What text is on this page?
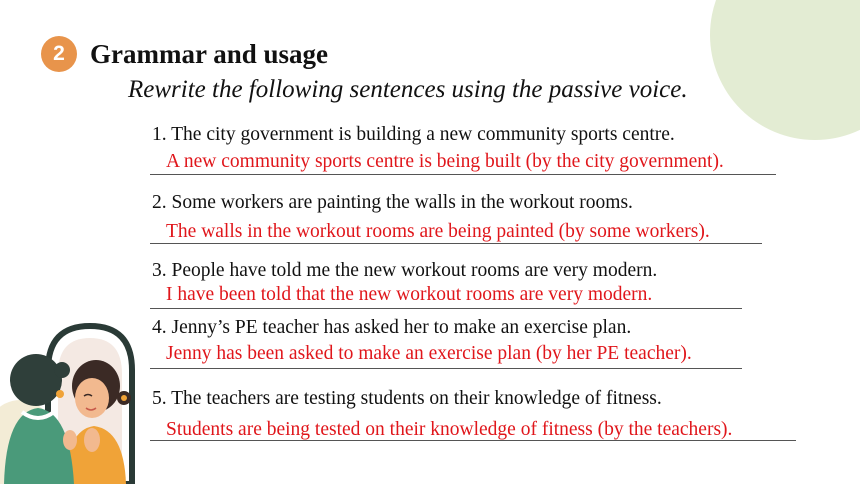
2 Grammar and usage
Rewrite the following sentences using the passive voice.
1. The city government is building a new community sports centre.
A new community sports centre is being built (by the city government).
2. Some workers are painting the walls in the workout rooms.
The walls in the workout rooms are being painted (by some workers).
3. People have told me the new workout rooms are very modern.
I have been told that the new workout rooms are very modern.
4. Jenny’s PE teacher has asked her to make an exercise plan.
Jenny has been asked to make an exercise plan (by her PE teacher).
5. The teachers are testing students on their knowledge of fitness.
Students are being tested on their knowledge of fitness (by the teachers).
